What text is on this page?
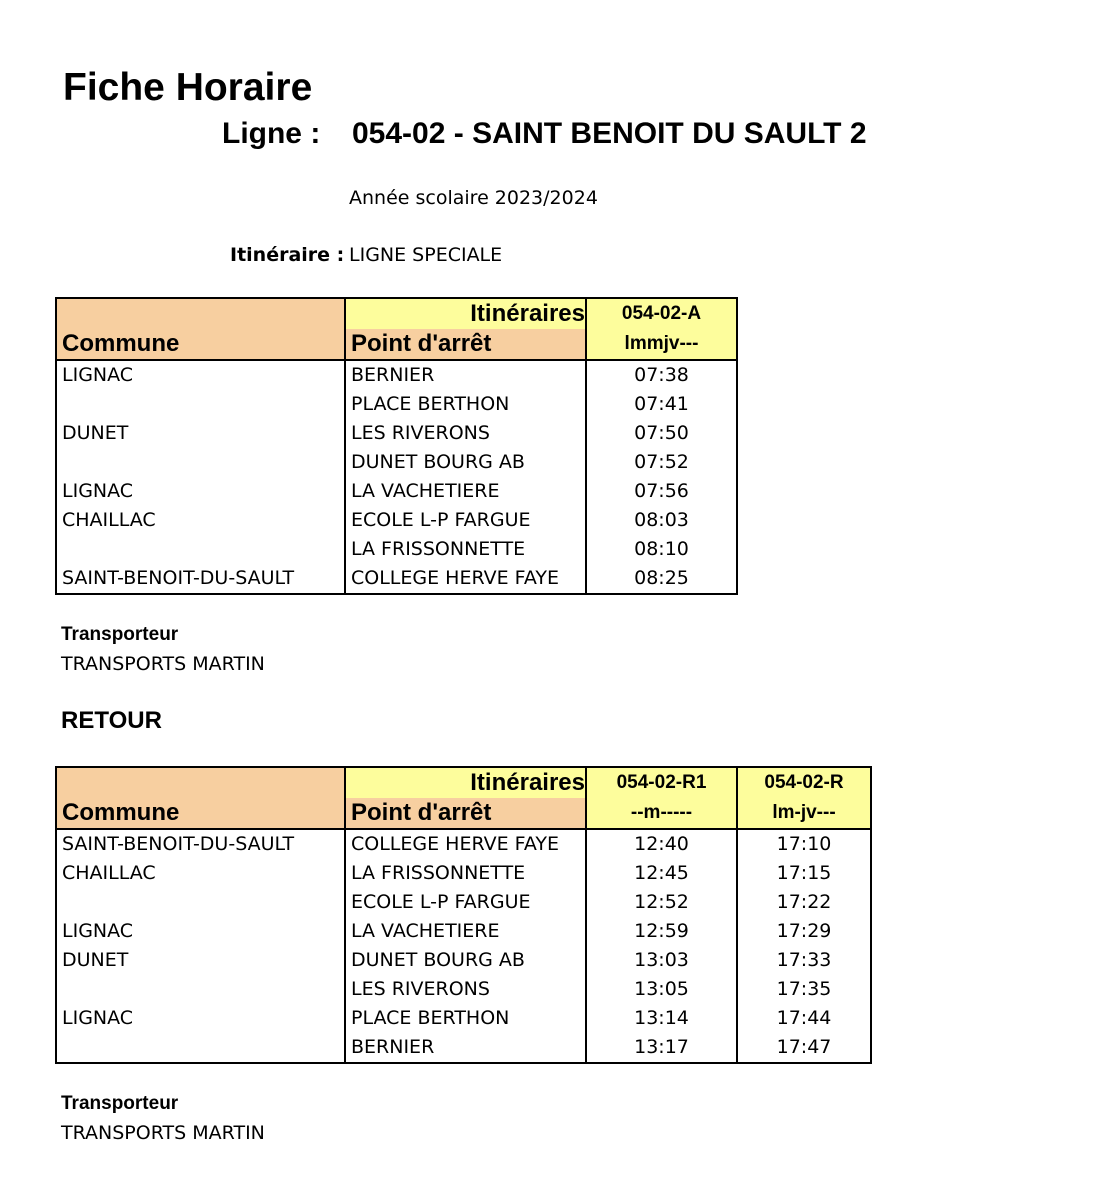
Fiche Horaire
Ligne : 054-02 - SAINT BENOIT DU SAULT 2
Année scolaire 2023/2024
Itinéraire : LIGNE SPECIALE
	Itinéraires	054-02-A
Commune	Point d'arrêt	lmmjv---
LIGNAC	BERNIER	07:38
	PLACE BERTHON	07:41
DUNET	LES RIVERONS	07:50
	DUNET BOURG AB	07:52
LIGNAC	LA VACHETIERE	07:56
CHAILLAC	ECOLE L-P FARGUE	08:03
	LA FRISSONNETTE	08:10
SAINT-BENOIT-DU-SAULT	COLLEGE HERVE FAYE	08:25
Transporteur
TRANSPORTS MARTIN
RETOUR
	Itinéraires	054-02-R1	054-02-R
Commune	Point d'arrêt	--m-----	lm-jv---
SAINT-BENOIT-DU-SAULT	COLLEGE HERVE FAYE	12:40	17:10
CHAILLAC	LA FRISSONNETTE	12:45	17:15
	ECOLE L-P FARGUE	12:52	17:22
LIGNAC	LA VACHETIERE	12:59	17:29
DUNET	DUNET BOURG AB	13:03	17:33
	LES RIVERONS	13:05	17:35
LIGNAC	PLACE BERTHON	13:14	17:44
	BERNIER	13:17	17:47
Transporteur
TRANSPORTS MARTIN
